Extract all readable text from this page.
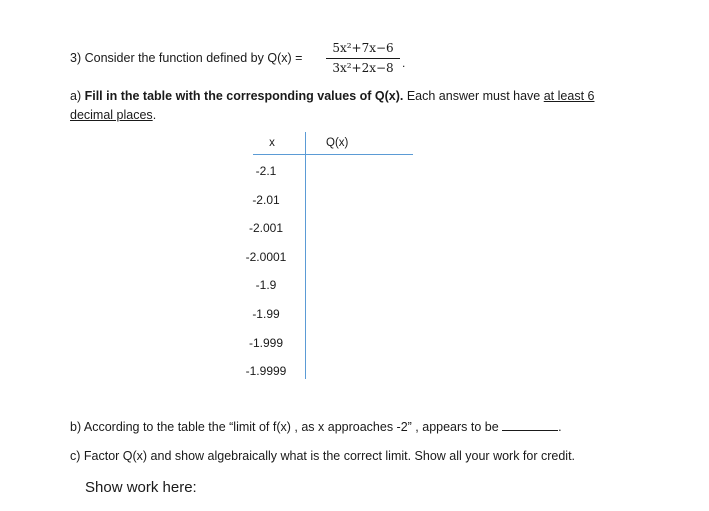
3) Consider the function defined by Q(x) =
5x²+7x−6
3x²+2x−8 .
a) Fill in the table with the corresponding values of Q(x). Each answer must have at least 6
decimal places.
x	Q(x)
-2.1
-2.01
-2.001
-2.0001
-1.9
-1.99
-1.999
-1.9999
b) According to the table the “limit of f(x) , as x approaches -2” , appears to be	.
c) Factor Q(x) and show algebraically what is the correct limit. Show all your work for credit.
Show work here:
